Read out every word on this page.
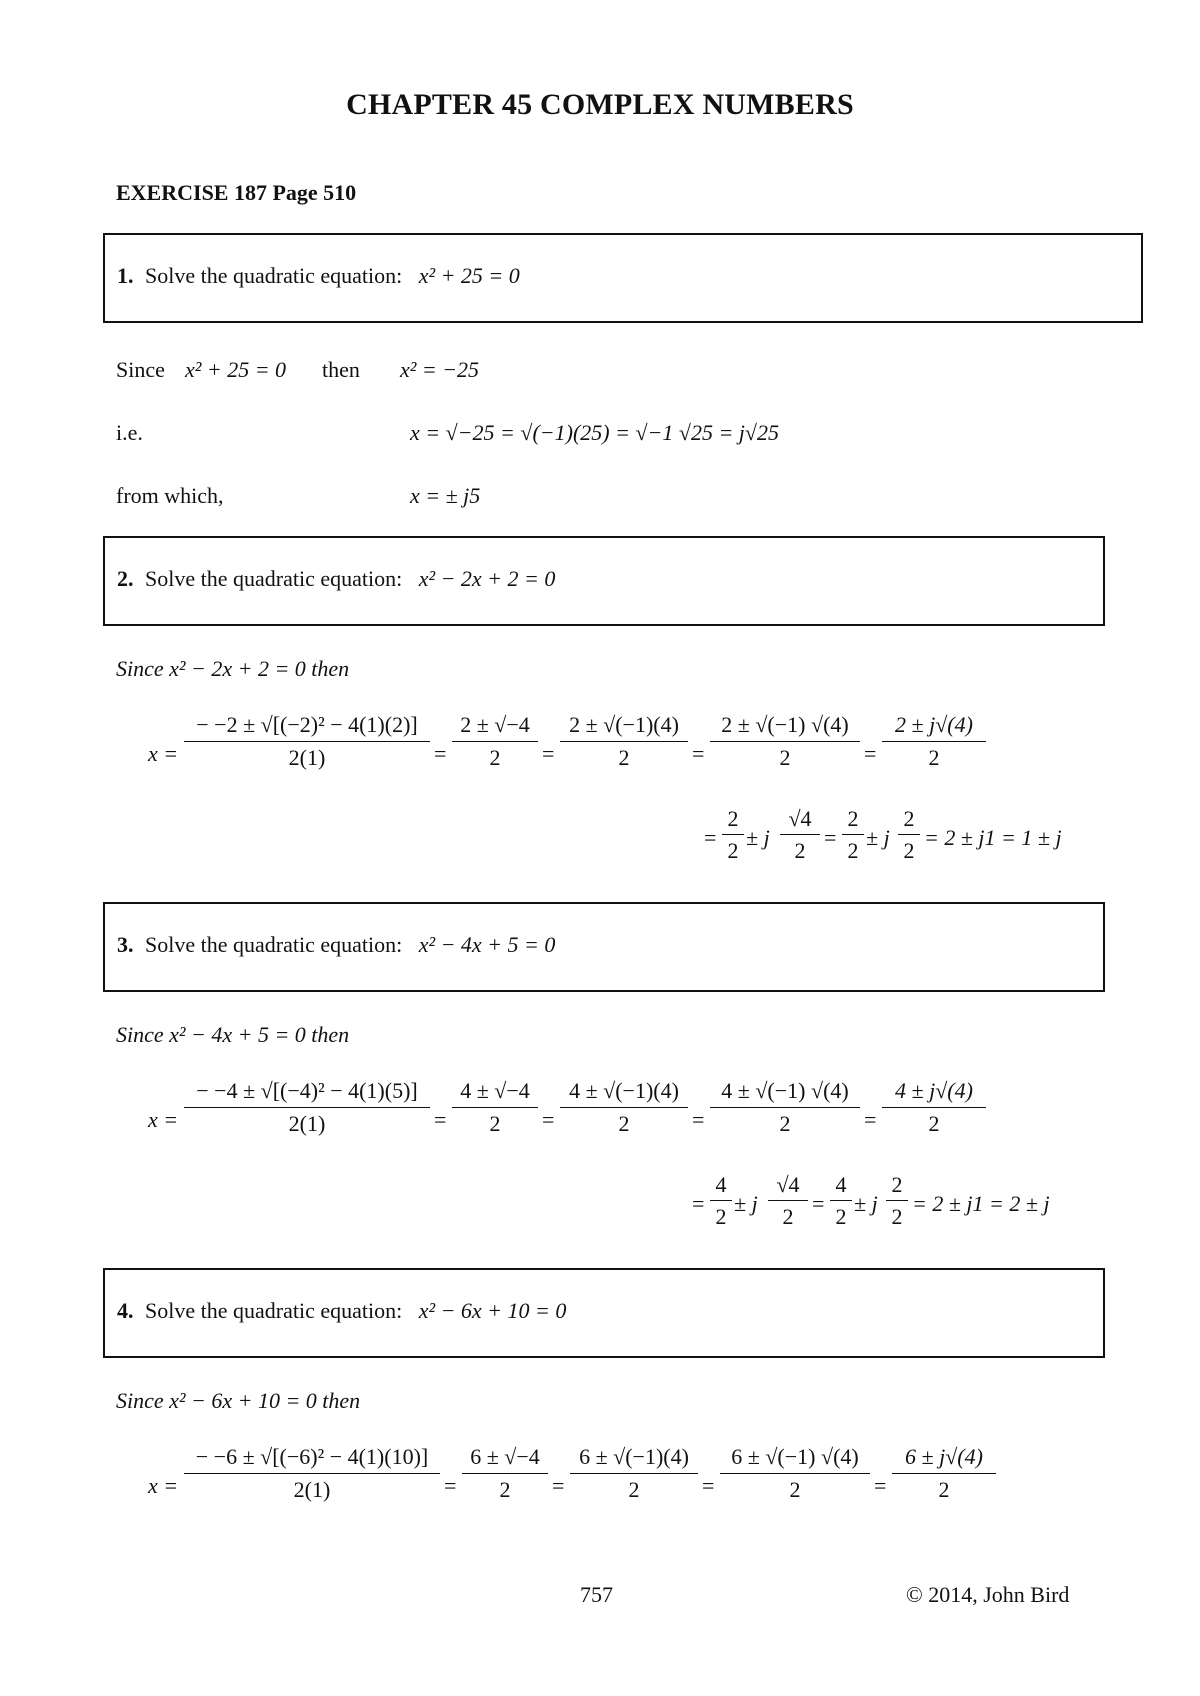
CHAPTER 45 COMPLEX NUMBERS
EXERCISE 187 Page 510
1. Solve the quadratic equation: x² + 25 = 0
Since x² + 25 = 0 then x² = −25
i.e.	x = √−25 = √(−1)(25) = √−1 √25 = j√25
from which,	x = ± j5
2. Solve the quadratic equation: x² − 2x + 2 = 0
Since x² − 2x + 2 = 0 then
$x = \frac{\text{− −2 ± √[(−2)² − 4(1)(2)]}}{2(1)} = \frac{2 \pm √-4}{2} = \frac{2 \pm √(-1)(4)}{2} = \frac{2 \pm √(-1) √(4)}{2} = \frac{2 \pm j√(4)}{2}$
= $\frac{2}{2} \pm j \frac{√4}{2} = \frac{2}{2} \pm j \frac{2}{2} = 2 \pm j1 = 1 \pm j$
3. Solve the quadratic equation: x² − 4x + 5 = 0
Since x² − 4x + 5 = 0 then
$x = \frac{\text{− −4 ± √[(−4)² − 4(1)(5)]}}{2(1)} = \frac{4 \pm √-4}{2} = \frac{4 \pm √(-1)(4)}{2} = \frac{4 \pm √(-1) √(4)}{2} = \frac{4 \pm j√(4)}{2}$
= $\frac{4}{2} \pm j \frac{√4}{2} = \frac{4}{2} \pm j \frac{2}{2} = 2 \pm j1 = 2 \pm j$
4. Solve the quadratic equation: x² − 6x + 10 = 0
Since x² − 6x + 10 = 0 then
$x = \frac{\text{− −6 ± √[(−6)² − 4(1)(10)]}}{2(1)} = \frac{6 \pm √-4}{2} = \frac{6 \pm √(-1)(4)}{2} = \frac{6 \pm √(-1) √(4)}{2} = \frac{6 \pm j√(4)}{2}$
757	© 2014, John Bird
